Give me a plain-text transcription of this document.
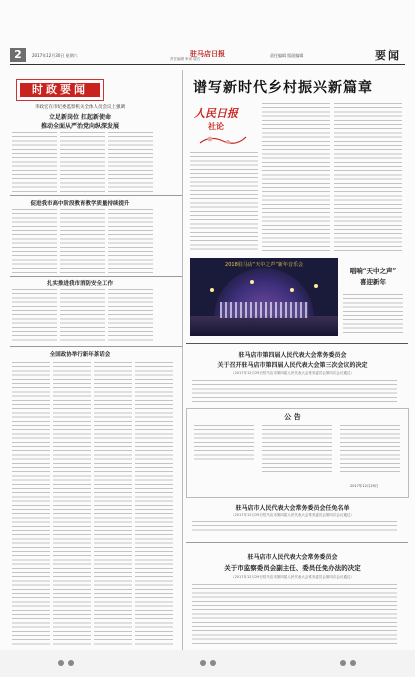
2	2017年12月30日 星期六	驻马店日报
责任编辑 审读 版式
责任编辑 版面编辑	要闻
时政要闻
李政宏在市纪委监察机关全体人员会议上强调
立足新岗位 扛起新使命
推动全面从严治党向纵深发展
促进我市高中阶段教育教学质量持续提升
扎实推进我市消防安全工作
全国政协举行新年茶话会
谱写新时代乡村振兴新篇章
人民日报
社论
2018驻马店“天中之声”新年音乐会
唱响“天中之声”
喜迎新年
驻马店市第四届人民代表大会常务委员会
关于召开驻马店市第四届人民代表大会第三次会议的决定
（2017年12月29日驻马店市第四届人民代表大会常务委员会第四次会议通过）
公 告
2017年12月29日
驻马店市人民代表大会常务委员会任免名单
（2017年12月29日驻马店市第四届人民代表大会常务委员会第四次会议通过）
驻马店市人民代表大会常务委员会
关于市监察委员会副主任、委员任免办法的决定
（2017年12月29日驻马店市第四届人民代表大会常务委员会第四次会议通过）
